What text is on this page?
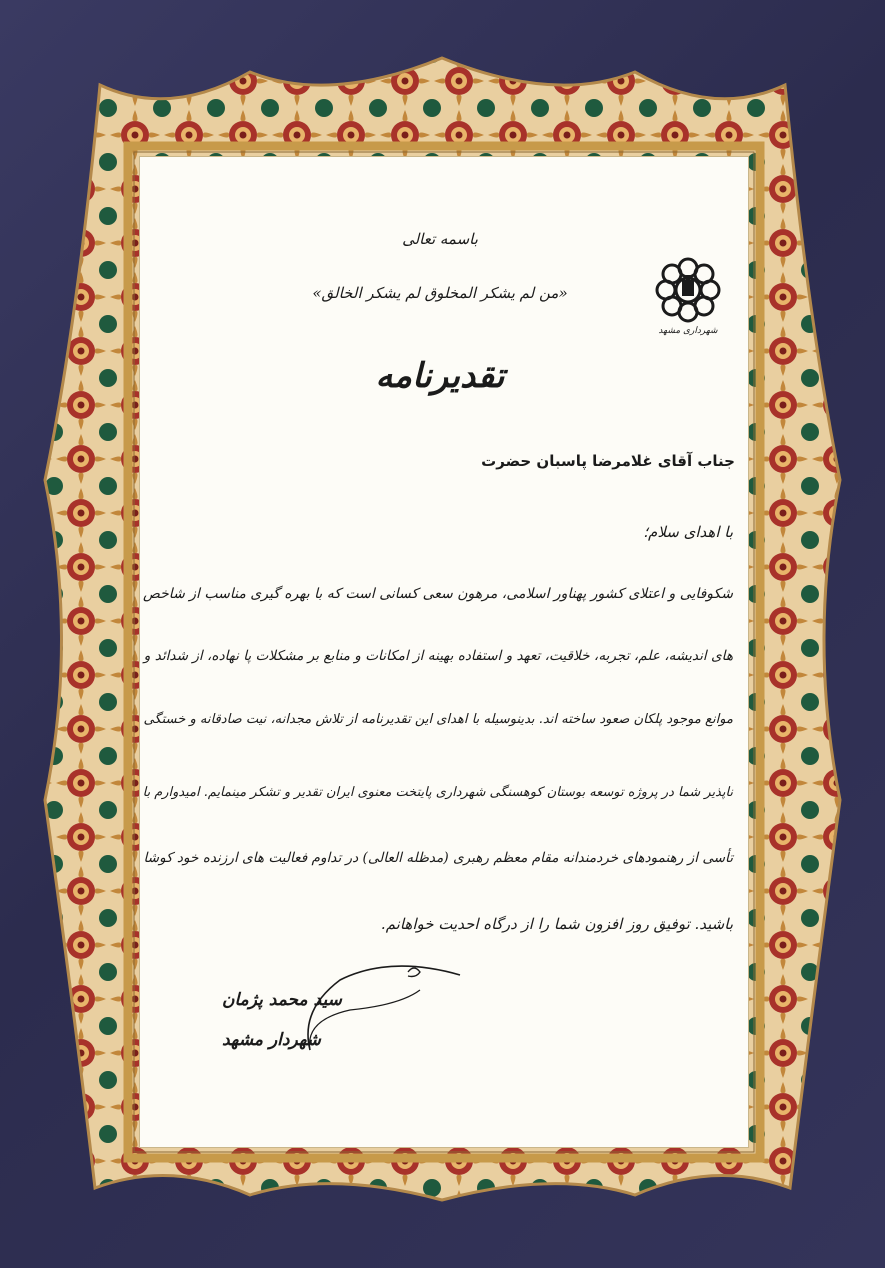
شهرداری مشهد
باسمه تعالی
«من لم یشکر المخلوق لم یشکر الخالق»
تقدیرنامه
جناب آقای غلامرضا پاسبان حضرت
با اهدای سلام؛
شکوفایی و اعتلای کشور پهناور اسلامی، مرهون سعی کسانی است که با بهره گیری مناسب از شاخص
های اندیشه، علم، تجربه، خلاقیت، تعهد و استفاده بهینه از امکانات و منابع بر مشکلات پا نهاده، از شدائد و
موانع موجود پلکان صعود ساخته اند. بدینوسیله با اهدای این تقدیرنامه از تلاش مجدانه، نیت صادقانه و خستگی
ناپذیر شما در پروژه توسعه بوستان کوهسنگی شهرداری پایتخت معنوی ایران تقدیر و تشکر مینمایم. امیدوارم با
تأسی از رهنمودهای خردمندانه مقام معظم رهبری (مدظله العالی) در تداوم فعالیت های ارزنده خود کوشا
باشید. توفیق روز افزون شما را از درگاه احدیت خواهانم.
سید محمد پژمان
شهردار مشهد
